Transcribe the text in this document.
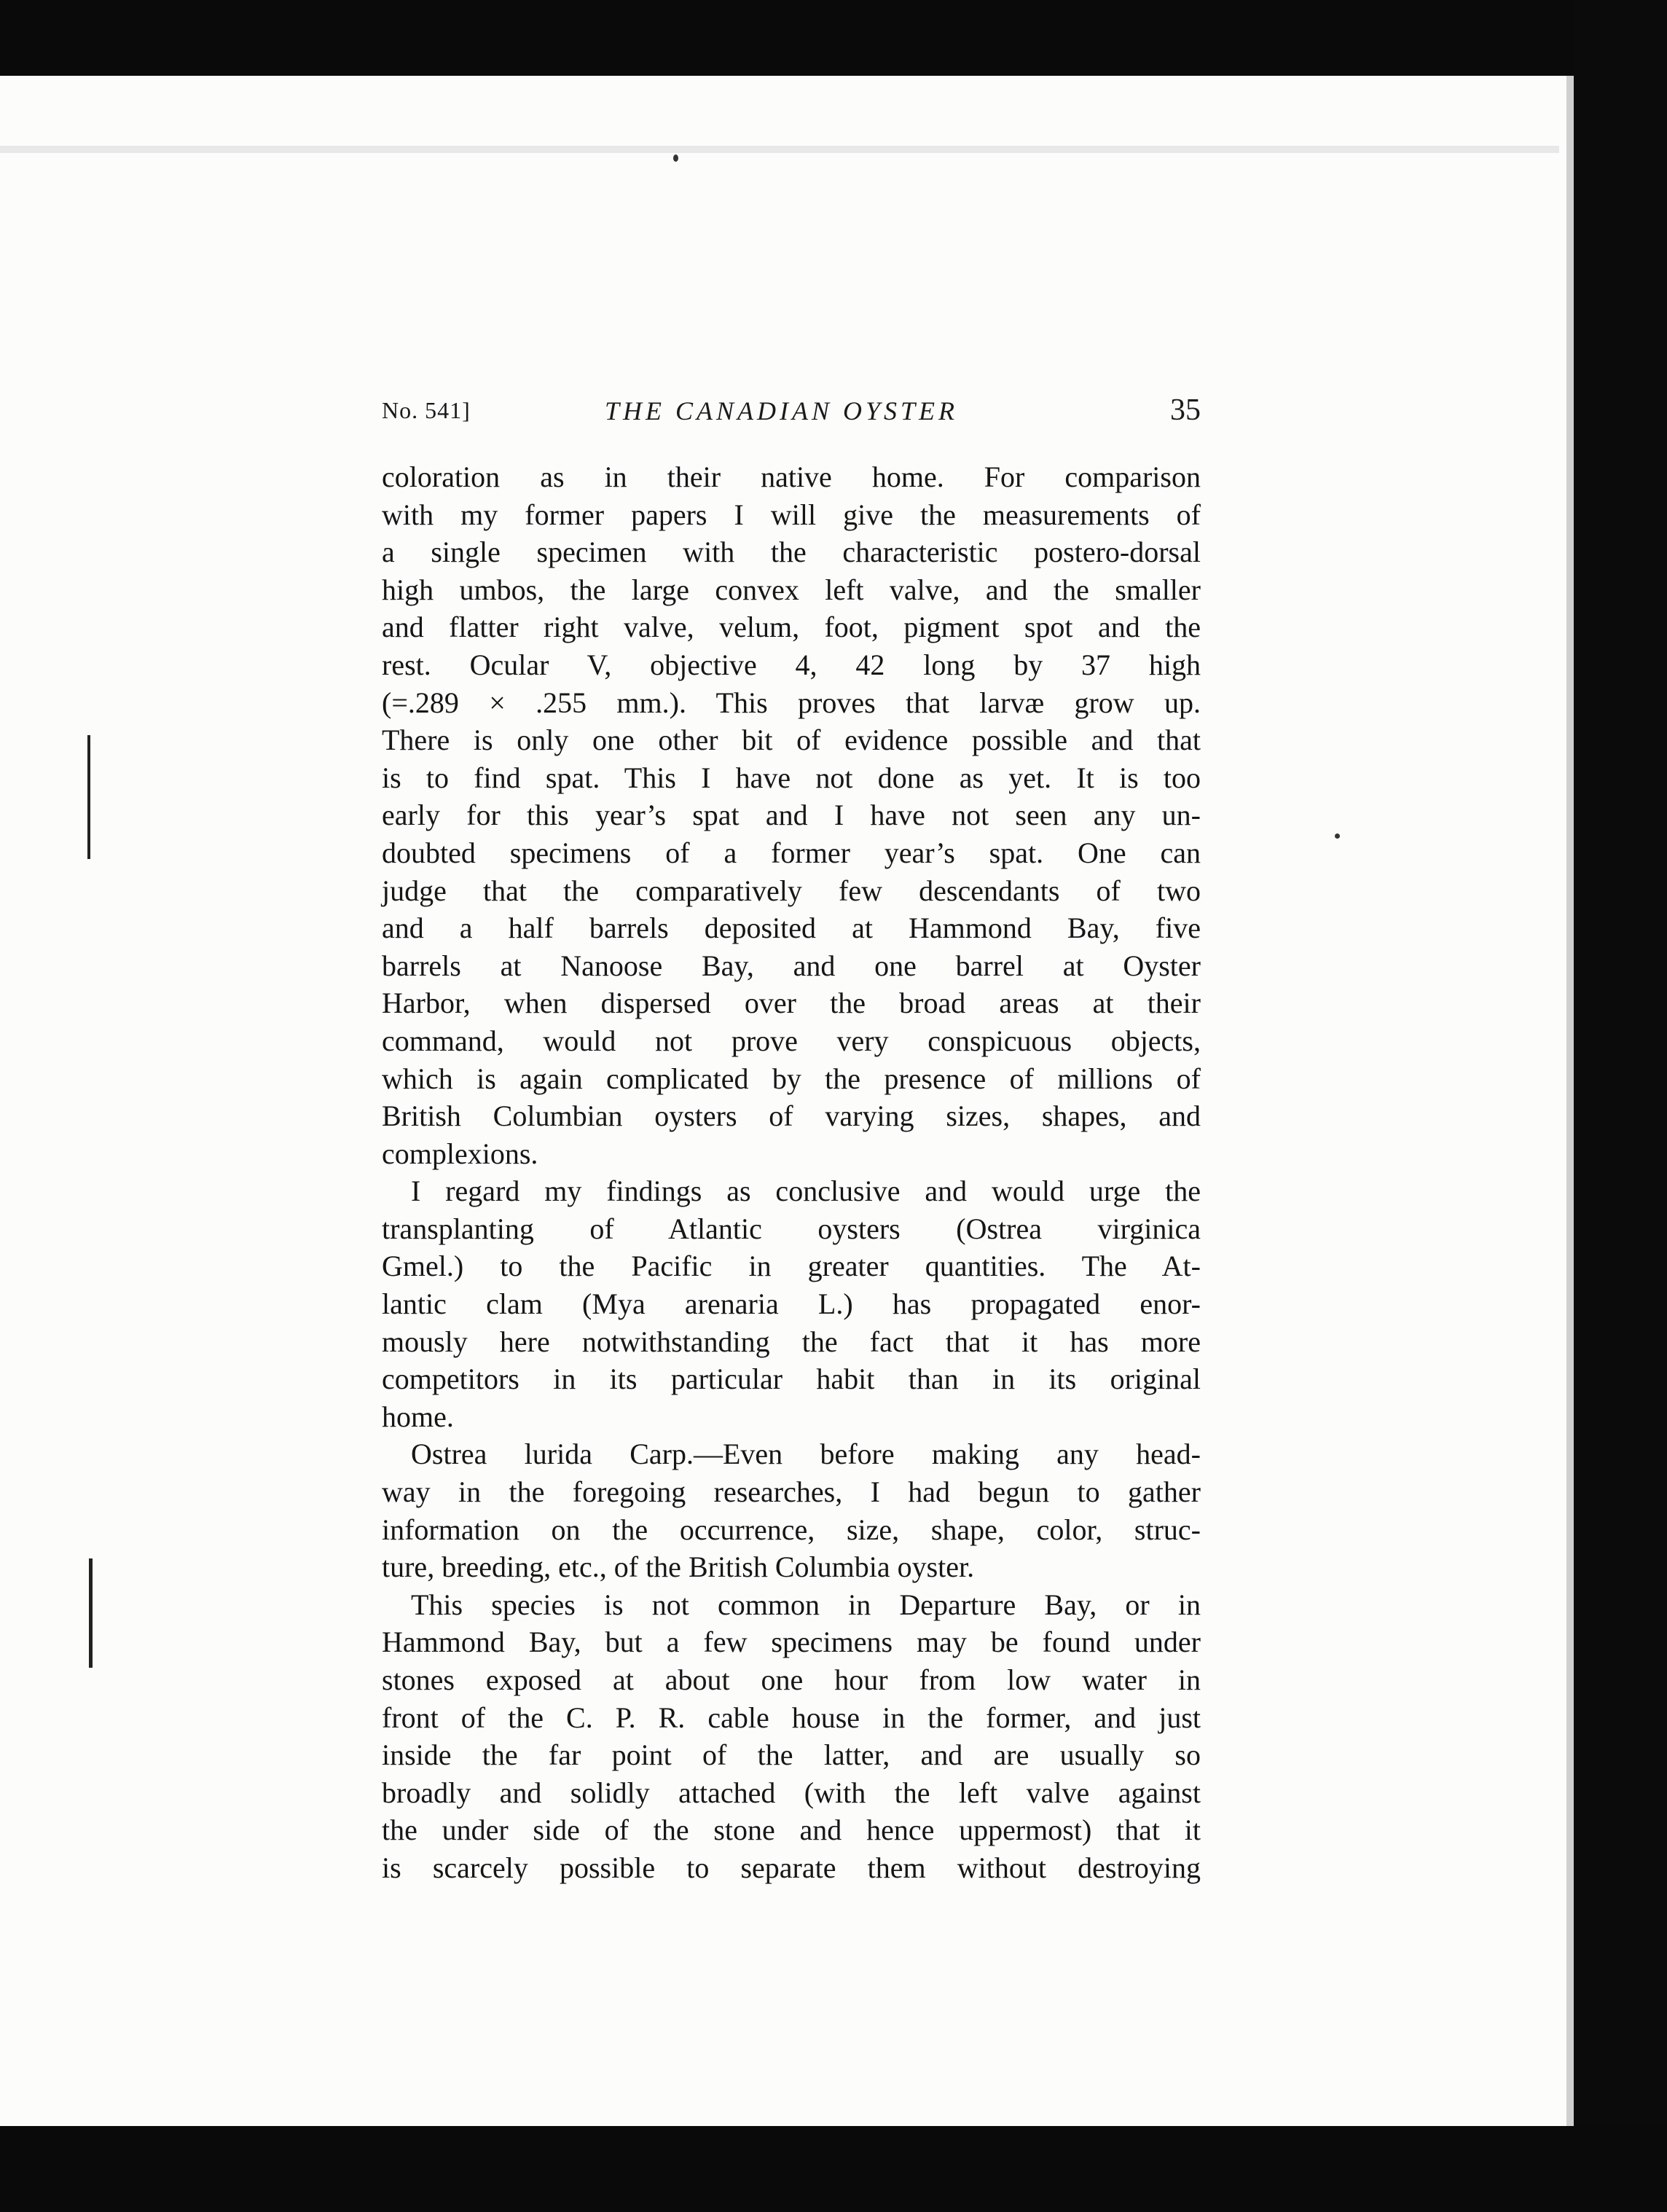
No. 541]	THE CANADIAN OYSTER	35
coloration as in their native home. For comparison
with my former papers I will give the measurements of
a single specimen with the characteristic postero-dorsal
high umbos, the large convex left valve, and the smaller
and flatter right valve, velum, foot, pigment spot and the
rest. Ocular V, objective 4, 42 long by 37 high
(=.289 × .255 mm.). This proves that larvæ grow up.
There is only one other bit of evidence possible and that
is to find spat. This I have not done as yet. It is too
early for this year’s spat and I have not seen any un-
doubted specimens of a former year’s spat. One can
judge that the comparatively few descendants of two
and a half barrels deposited at Hammond Bay, five
barrels at Nanoose Bay, and one barrel at Oyster
Harbor, when dispersed over the broad areas at their
command, would not prove very conspicuous objects,
which is again complicated by the presence of millions of
British Columbian oysters of varying sizes, shapes, and
complexions.
I regard my findings as conclusive and would urge the
transplanting of Atlantic oysters (Ostrea virginica
Gmel.) to the Pacific in greater quantities. The At-
lantic clam (Mya arenaria L.) has propagated enor-
mously here notwithstanding the fact that it has more
competitors in its particular habit than in its original
home.
Ostrea lurida Carp.—Even before making any head-
way in the foregoing researches, I had begun to gather
information on the occurrence, size, shape, color, struc-
ture, breeding, etc., of the British Columbia oyster.
This species is not common in Departure Bay, or in
Hammond Bay, but a few specimens may be found under
stones exposed at about one hour from low water in
front of the C. P. R. cable house in the former, and just
inside the far point of the latter, and are usually so
broadly and solidly attached (with the left valve against
the under side of the stone and hence uppermost) that it
is scarcely possible to separate them without destroying
